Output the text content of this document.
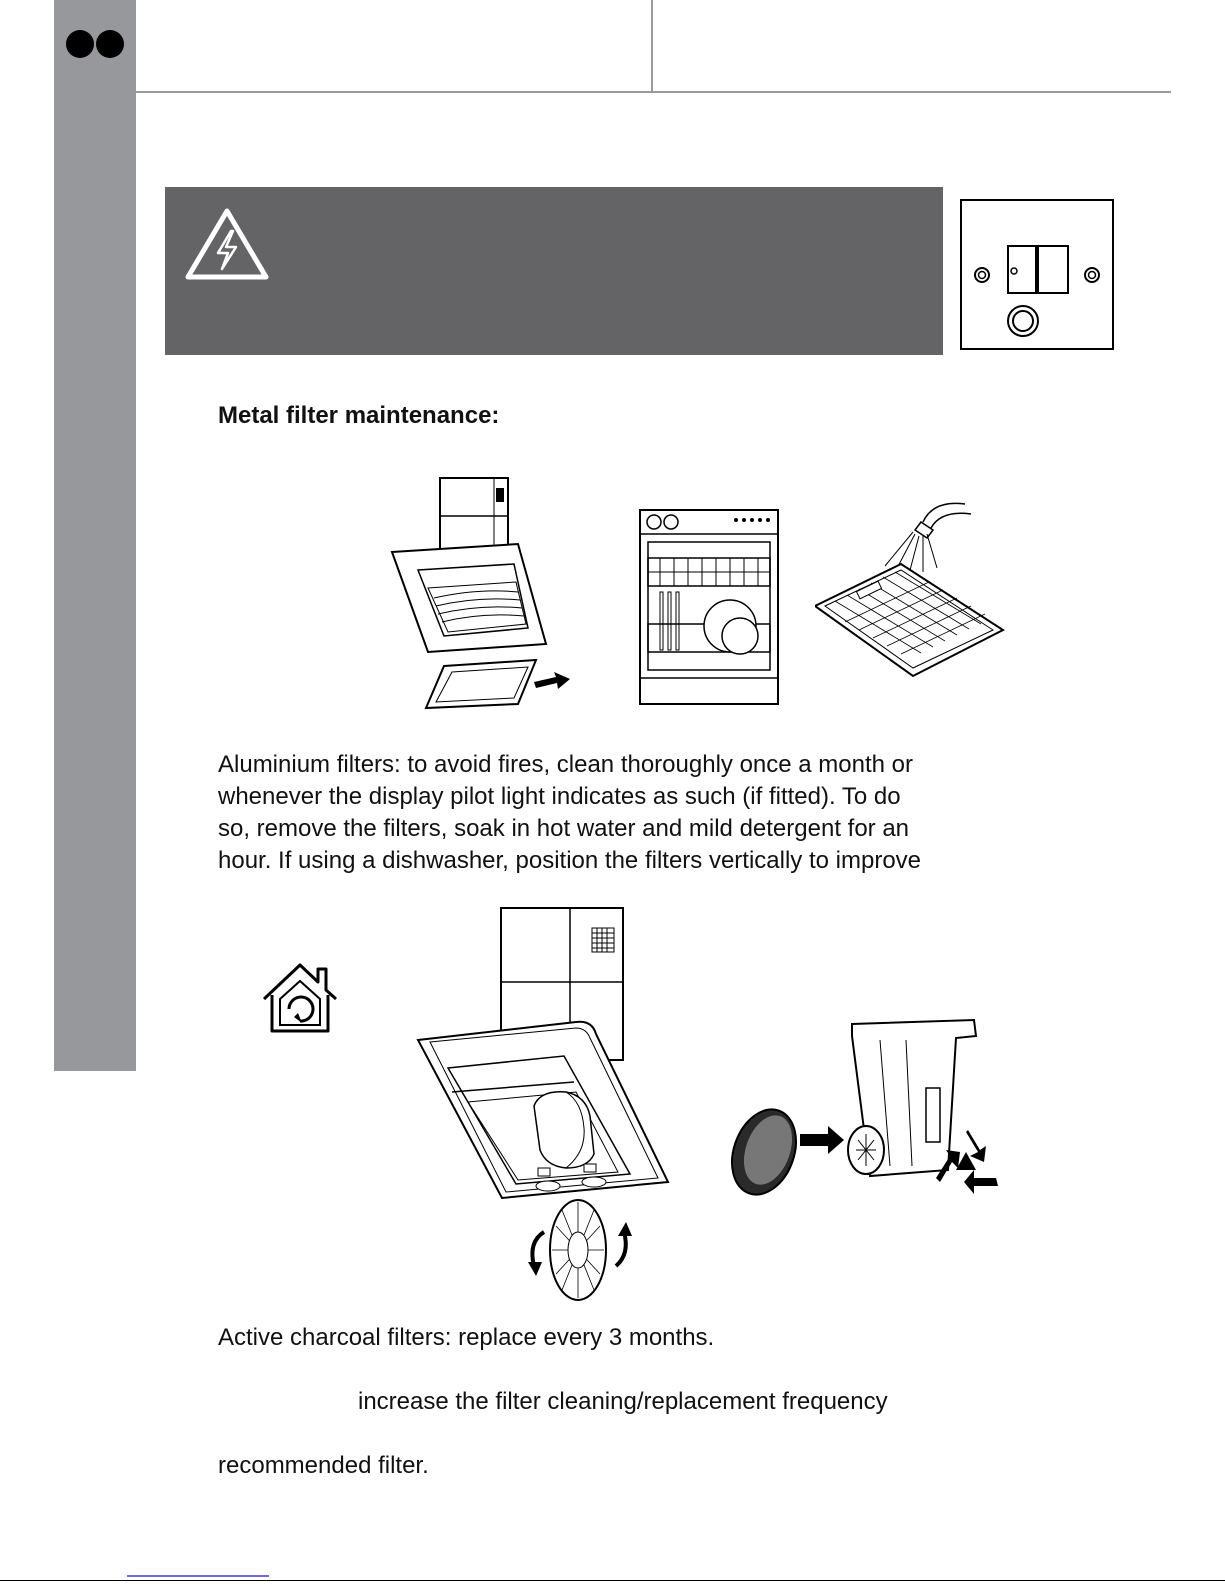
Metal filter maintenance:
Aluminium filters: to avoid fires, clean thoroughly once a month or
whenever the display pilot light indicates as such (if fitted). To do
so, remove the filters, soak in hot water and mild detergent for an
hour. If using a dishwasher, position the filters vertically to improve
Active charcoal filters: replace every 3 months.
increase the filter cleaning/replacement frequency
recommended filter.
